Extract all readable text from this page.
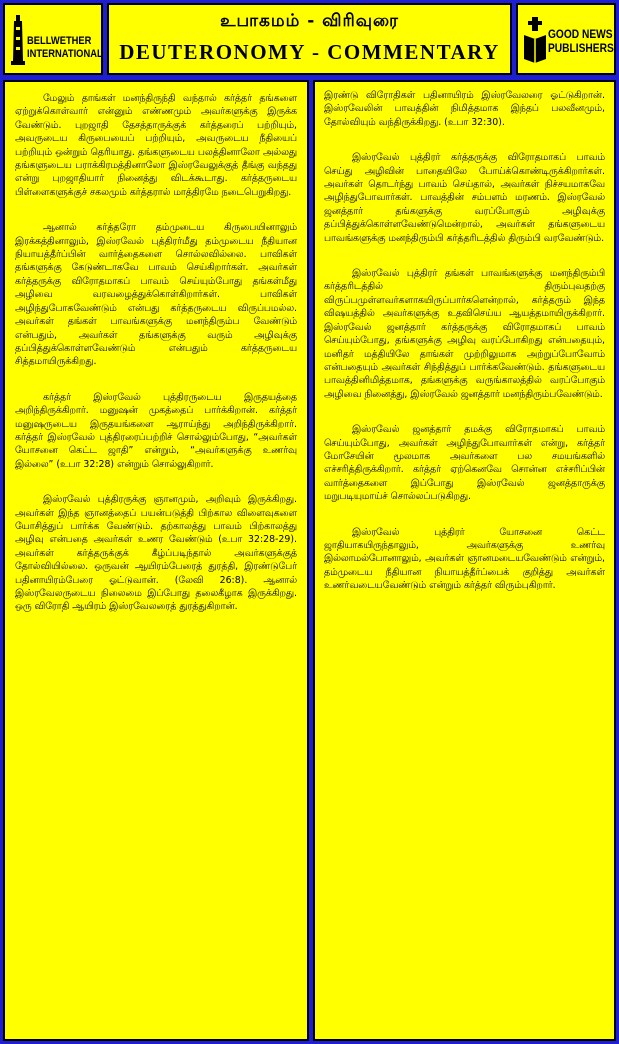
BELLWETHER
INTERNATIONAL
உபாகமம் - விரிவுரை
DEUTERONOMY - COMMENTARY
GOOD NEWS
PUBLISHERS

மேலும் தாங்கள் மனந்திருந்தி வந்தால் கர்த்தர் தங்களை ஏற்றுக்கொள்வார் என்னும் எண்ணமும் அவர்களுக்கு இருக்க வேண்டும். புறஜாதி தேசத்தாருக்குக் கர்த்தரைப் பற்றியும், அவருடைய கிருபையைப் பற்றியும், அவருடைய நீதியைப் பற்றியும் ஒன்றும் தெரியாது. தங்களுடைய பலத்தினாலோ அல்லது தங்களுடைய பராக்கிரமத்தினாலோ இஸ்ரவேலுக்குத் தீங்கு வந்தது என்று புறஜாதியார் நினைத்து விடக்கூடாது. கர்த்தருடைய பிள்ளைகளுக்குச் சகலமும் கர்த்தரால் மாத்திரமே நடைபெறுகிறது.

ஆனால் கர்த்தரோ தம்முடைய கிருபையினாலும் இரக்கத்தினாலும், இஸ்ரவேல் புத்திரர்மீது தம்முடைய நீதியான நியாயத்தீர்ப்பின் வார்த்தைகளை சொல்லவில்லை. பாவிகள் தங்களுக்கு கேடுண்டாகவே பாவம் செய்கிறார்கள். அவர்கள் கர்த்தருக்கு விரோதமாகப் பாவம் செய்யும்போது தங்கள்மீது அழிவை வரவழைத்துக்கொள்கிறார்கள். பாவிகள் அழிந்துபோகவேண்டும் என்பது கர்த்தருடைய விருப்பமல்ல. அவர்கள் தங்கள் பாவங்களுக்கு மனந்திரும்ப வேண்டும் என்பதும், அவர்கள் தங்களுக்கு வரும் அழிவுக்கு தப்பித்துக்கொள்ளவேண்டும் என்பதும் கர்த்தருடைய சித்தமாயிருக்கிறது.

கர்த்தர் இஸ்ரவேல் புத்திரருடைய இருதயத்தை அறிந்திருக்கிறார். மனுஷன் முகத்தைப் பார்க்கிறான். கர்த்தர் மனுஷருடைய இருதயங்களை ஆராய்ந்து அறிந்திருக்கிறார். கர்த்தர் இஸ்ரவேல் புத்திரரைப்பற்றிச் சொல்லும்போது, “அவர்கள் யோசனை கெட்ட ஜாதி” என்றும், “அவர்களுக்கு உணர்வு இல்லை” (உபா 32:28) என்றும் சொல்லுகிறார்.

இஸ்ரவேல் புத்திரருக்கு ஞானமும், அறிவும் இருக்கிறது. அவர்கள் இந்த ஞானத்தைப் பயன்படுத்தி பிற்கால விளைவுகளை யோசித்துப் பார்க்க வேண்டும். தற்காலத்து பாவம் பிற்காலத்து அழிவு என்பதை அவர்கள் உணர வேண்டும் (உபா 32:28-29). அவர்கள் கர்த்தருக்குக் கீழ்ப்படிந்தால் அவர்களுக்குத் தோல்வியில்லை. ஒருவன் ஆயிரம்பேரைத் துரத்தி, இரண்டுபேர் பதினாயிரம்பேரை ஓட்டுவான். (லேவி 26:8). ஆனால் இஸ்ரவேலருடைய நிலைமை இப்போது தலைகீழாக இருக்கிறது. ஒரு விரோதி ஆயிரம் இஸ்ரவேலரைத் துரத்துகிறான்.

இரண்டு விரோதிகள் பதினாயிரம் இஸ்ரவேலரை ஓட்டுகிறான். இஸ்ரவேலின் பாவத்தின் நிமித்தமாக இந்தப் பலவீனமும், தோல்வியும் வந்திருக்கிறது. (உபா 32:30).

இஸ்ரவேல் புத்திரர் கர்த்தருக்கு விரோதமாகப் பாவம் செய்து அழிவின் பாதையிலே போய்க்கொண்டிருக்கிறார்கள். அவர்கள் தொடர்ந்து பாவம் செய்தால், அவர்கள் நிச்சயமாகவே அழிந்துபோவார்கள். பாவத்தின் சம்பளம் மரணம். இஸ்ரவேல் ஜனத்தார் தங்களுக்கு வரப்போகும் அழிவுக்கு தப்பித்துக்கொள்ளவேண்டுமென்றால், அவர்கள் தங்களுடைய பாவங்களுக்கு மனந்திரும்பி கர்த்தரிடத்தில் திரும்பி வரவேண்டும்.

இஸ்ரவேல் புத்திரர் தங்கள் பாவங்களுக்கு மனந்திரும்பி கர்த்தரிடத்தில் திரும்புவதற்கு விருப்பமுள்ளவர்களாகயிருப்பார்களென்றால், கர்த்தரும் இந்த விஷயத்தில் அவர்களுக்கு உதவிசெய்ய ஆயத்தமாயிருக்கிறார். இஸ்ரவேல் ஜனத்தார் கர்த்தருக்கு விரோதமாகப் பாவம் செய்யும்போது, தங்களுக்கு அழிவு வரப்போகிறது என்பதையும், மனிதர் மத்தியிலே தாங்கள் முற்றிலுமாக அற்றுப்போவோம் என்பதையும் அவர்கள் சிந்தித்துப் பார்க்கவேண்டும். தங்களுடைய பாவத்தினிமித்தமாக, தங்களுக்கு வருங்காலத்தில் வரப்போகும் அழிவை நினைத்து, இஸ்ரவேல் ஜனத்தார் மனந்திரும்பவேண்டும்.

இஸ்ரவேல் ஜனத்தார் தமக்கு விரோதமாகப் பாவம் செய்யும்போது, அவர்கள் அழிந்துபோவார்கள் என்று, கர்த்தர் மோசேயின் மூலமாக அவர்களை பல சமயங்களில் எச்சரித்திருக்கிறார். கர்த்தர் ஏற்கெனவே சொன்ன எச்சரிப்பின் வார்த்தைகளை இப்போது இஸ்ரவேல் ஜனத்தாருக்கு மறுபடியுமாய்ச் சொல்லப்படுகிறது.

இஸ்ரவேல் புத்திரர் யோசனை கெட்ட ஜாதியாகயிருந்தாலும், அவர்களுக்கு உணர்வு இல்லாமல்போனாலும், அவர்கள் ஞானமடையவேண்டும் என்றும், தம்முடைய நீதியான நியாயத்தீர்ப்பைக் குறித்து அவர்கள் உணர்வடையவேண்டும் என்றும் கர்த்தர் விரும்புகிறார்.
